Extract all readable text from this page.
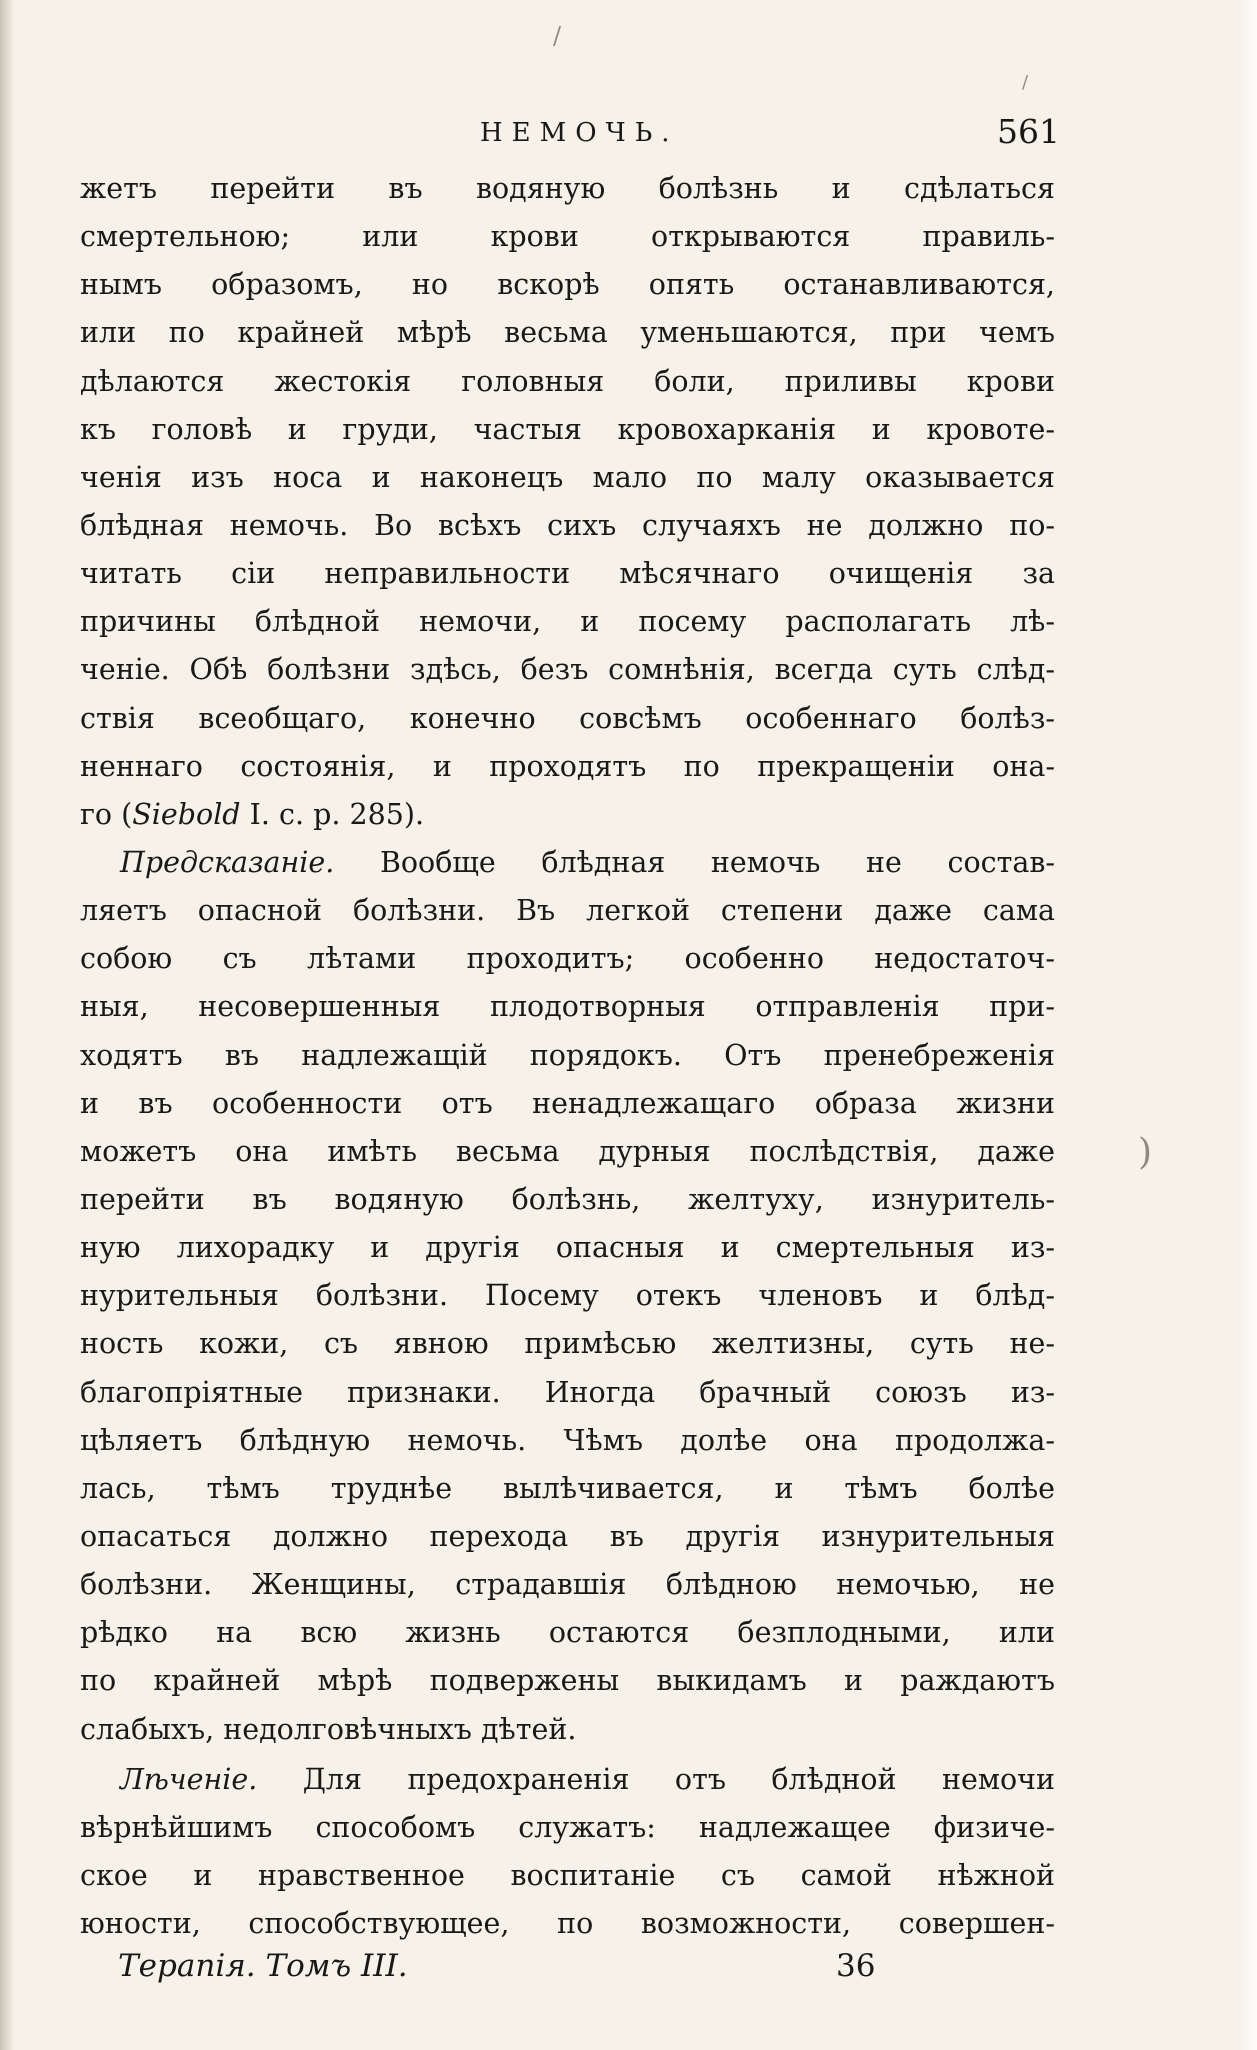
/
/
)
НЕМОЧЬ.	561
жетъ перейти въ водяную болѣзнь и сдѣлаться
смертельною; или крови открываются правиль-
нымъ образомъ, но вскорѣ опять останавливаются,
или по крайней мѣрѣ весьма уменьшаются, при чемъ
дѣлаются жестокія головныя боли, приливы крови
къ головѣ и груди, частыя кровохарканія и кровоте-
ченія изъ носа и наконецъ мало по малу оказывается
блѣдная немочь. Во всѣхъ сихъ случаяхъ не должно по-
читать сіи неправильности мѣсячнаго очищенія за
причины блѣдной немочи, и посему располагать лѣ-
ченіе. Обѣ болѣзни здѣсь, безъ сомнѣнія, всегда суть слѣд-
ствія всеобщаго, конечно совсѣмъ особеннаго болѣз-
неннаго состоянія, и проходятъ по прекращеніи она-
го (Siebold I. с. р. 285).
Предсказаніе. Вообще блѣдная немочь не состав-
ляетъ опасной болѣзни. Въ легкой степени даже сама
собою съ лѣтами проходитъ; особенно недостаточ-
ныя, несовершенныя плодотворныя отправленія при-
ходятъ въ надлежащій порядокъ. Отъ пренебреженія
и въ особенности отъ ненадлежащаго образа жизни
можетъ она имѣть весьма дурныя послѣдствія, даже
перейти въ водяную болѣзнь, желтуху, изнуритель-
ную лихорадку и другія опасныя и смертельныя из-
нурительныя болѣзни. Посему отекъ членовъ и блѣд-
ность кожи, съ явною примѣсью желтизны, суть не-
благопріятные признаки. Иногда брачный союзъ из-
цѣляетъ блѣдную немочь. Чѣмъ долѣе она продолжа-
лась, тѣмъ труднѣе вылѣчивается, и тѣмъ болѣе
опасаться должно перехода въ другія изнурительныя
болѣзни. Женщины, страдавшія блѣдною немочью, не
рѣдко на всю жизнь остаются безплодными, или
по крайней мѣрѣ подвержены выкидамъ и раждаютъ
слабыхъ, недолговѣчныхъ дѣтей.
Лѣченіе. Для предохраненія отъ блѣдной немочи
вѣрнѣйшимъ способомъ служатъ: надлежащее физиче-
ское и нравственное воспитаніе съ самой нѣжной
юности, способствующее, по возможности, совершен-
Терапія. Томъ III.	36
